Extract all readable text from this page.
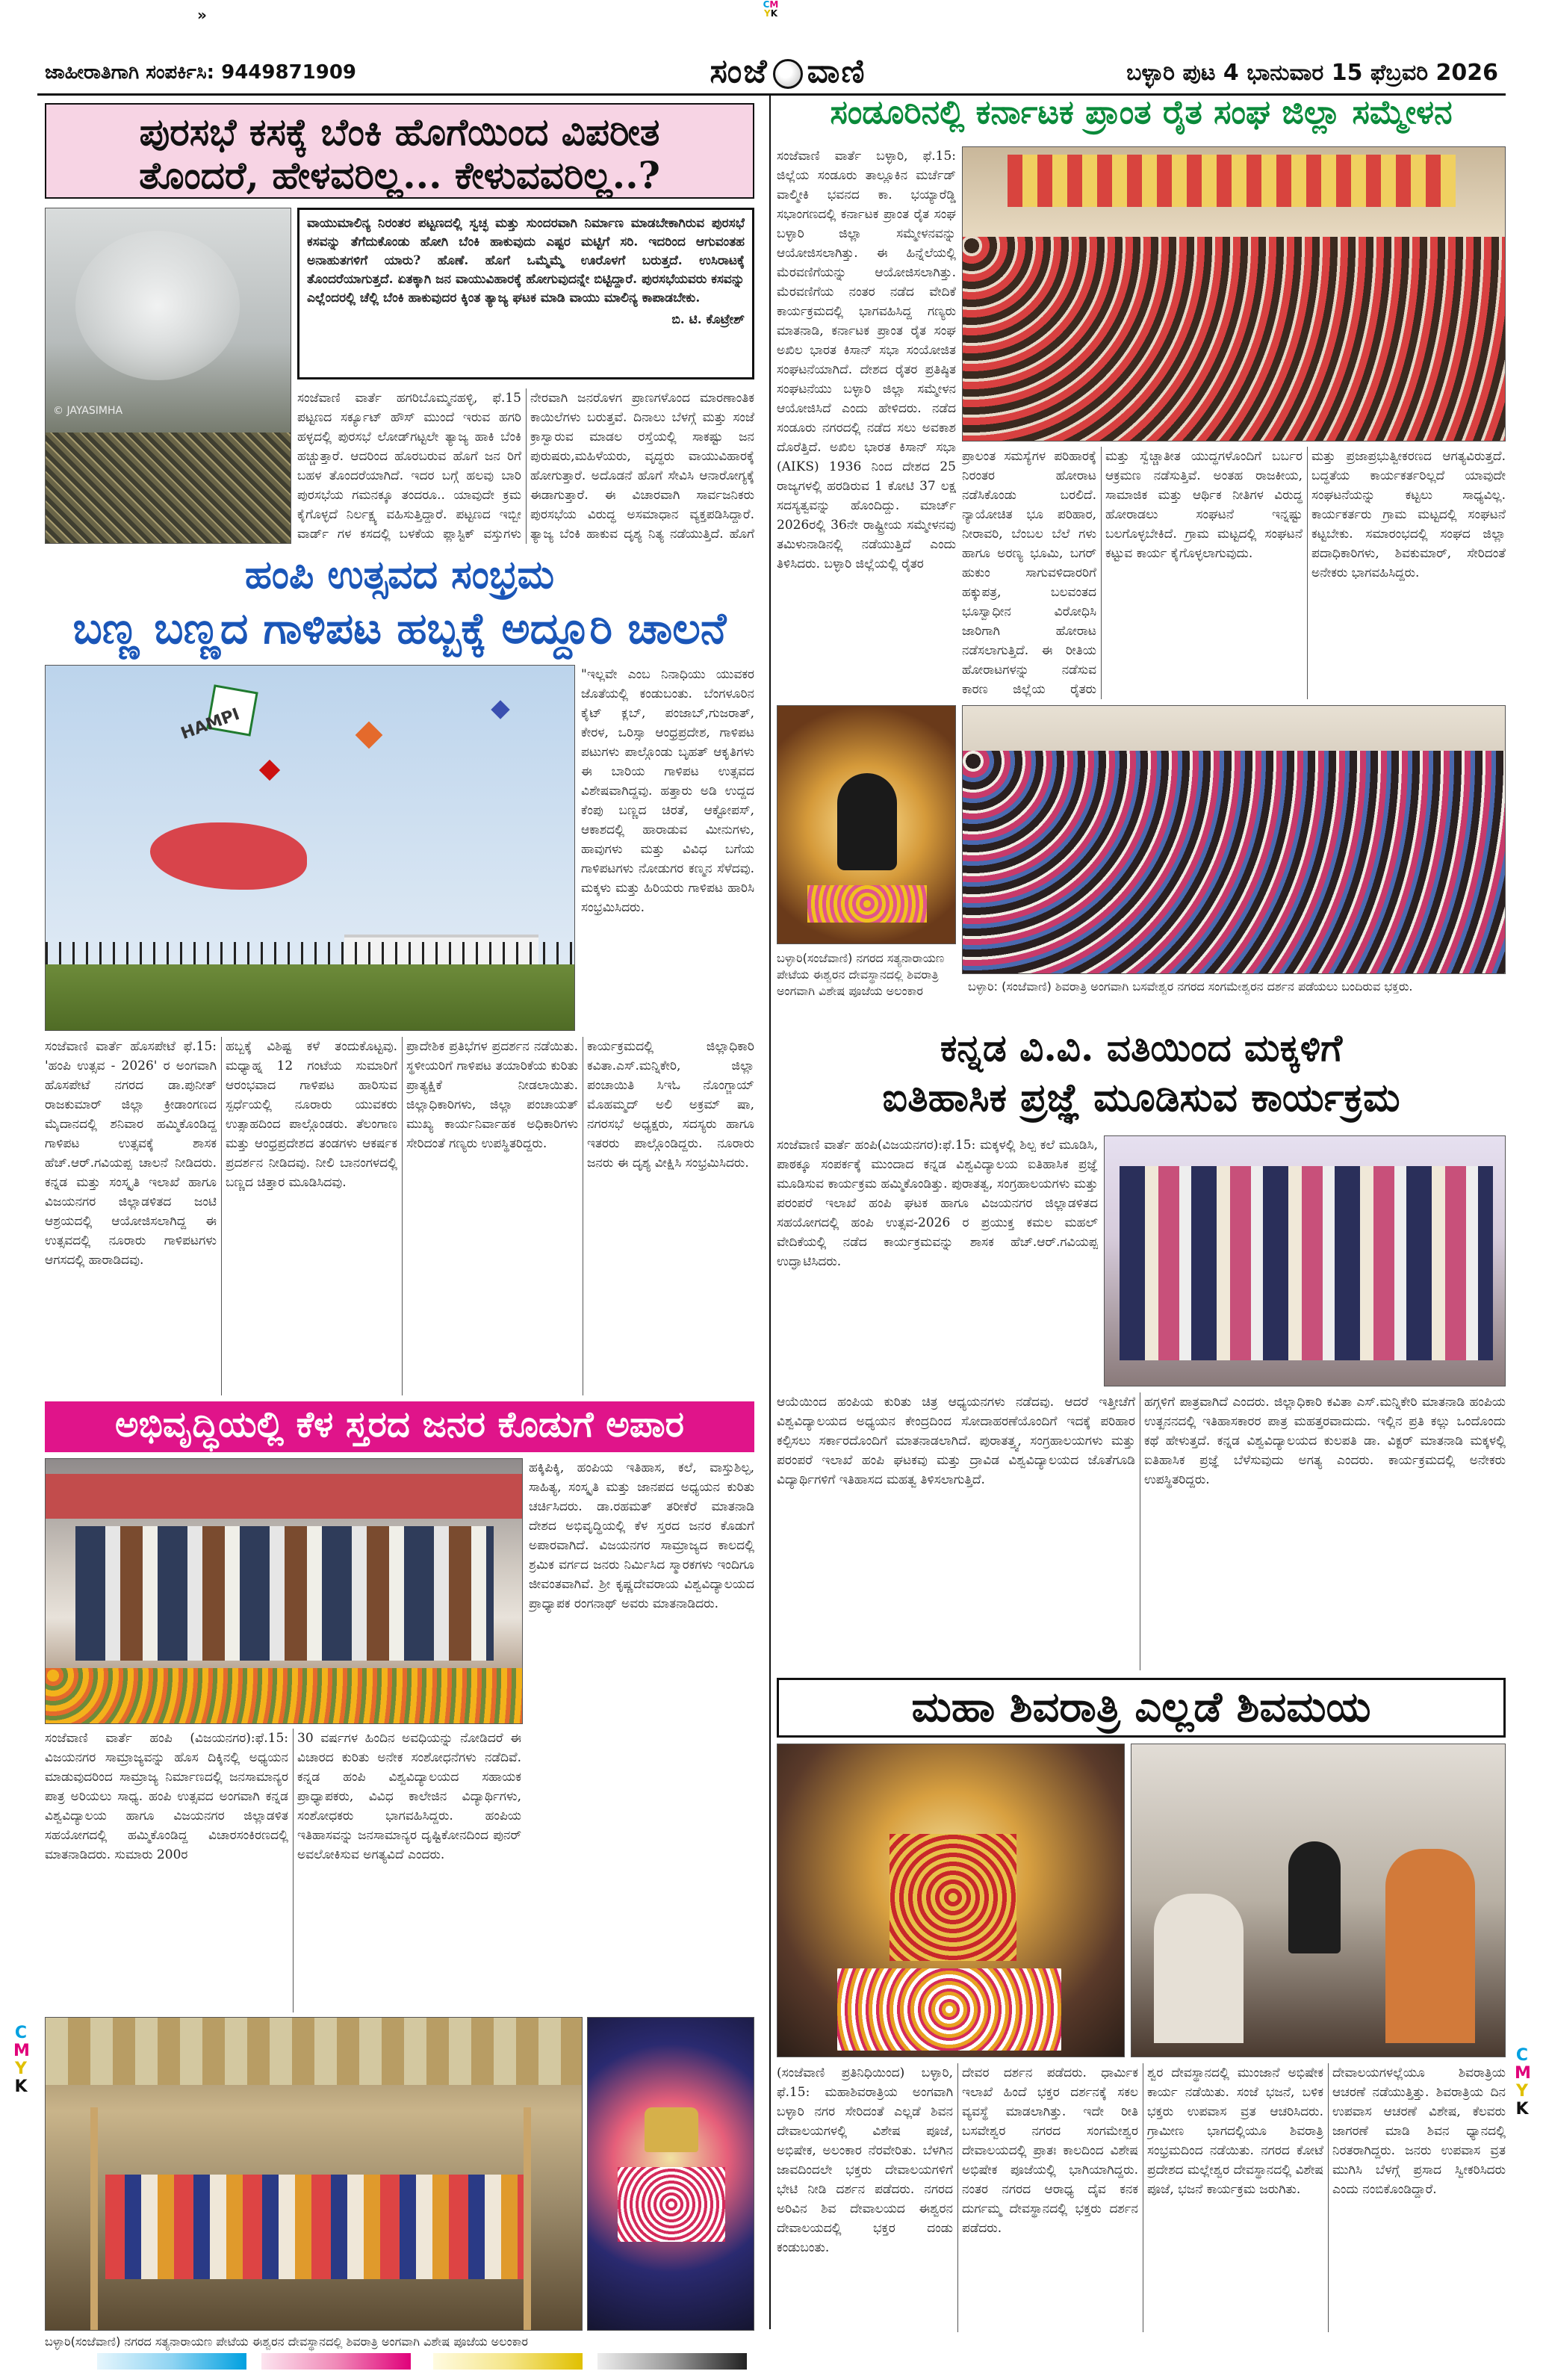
»
CM
YK
C
M
Y
K
C
M
Y
K
ಜಾಹೀರಾತಿಗಾಗಿ ಸಂಪರ್ಕಿಸಿ: 9449871909	ಸಂಜೆ ವಾಣಿ	ಬಳ್ಳಾರಿ ಪುಟ 4 ಭಾನುವಾರ 15 ಫೆಬ್ರವರಿ 2026
ಪುರಸಭೆ ಕಸಕ್ಕೆ ಬೆಂಕಿ ಹೊಗೆಯಿಂದ ವಿಪರೀತ
ತೊಂದರೆ, ಹೇಳವರಿಲ್ಲ... ಕೇಳುವವರಿಲ್ಲ..?
© JAYASIMHA
ವಾಯುಮಾಲಿನ್ಯ ನಿರಂತರ ಪಟ್ಟಣದಲ್ಲಿ ಸ್ವಚ್ಛ ಮತ್ತು ಸುಂದರವಾಗಿ ನಿರ್ಮಾಣ ಮಾಡಬೇಕಾಗಿರುವ ಪುರಸಭೆ ಕಸವನ್ನು ತೆಗೆದುಕೊಂಡು ಹೋಗಿ ಬೆಂಕಿ ಹಾಕುವುದು ಎಷ್ಟರ ಮಟ್ಟಿಗೆ ಸರಿ. ಇದರಿಂದ ಆಗುವಂತಹ ಅನಾಹುತಗಳಿಗೆ ಯಾರು? ಹೊಣೆ. ಹೊಗೆ ಒಮ್ಮೆಮ್ಮೆ ಊರೊಳಗೆ ಬರುತ್ತದೆ. ಉಸಿರಾಟಕ್ಕೆ ತೊಂದರೆಯಾಗುತ್ತದೆ. ಏತಕ್ಕಾಗಿ ಜನ ವಾಯುವಿಹಾರಕ್ಕೆ ಹೋಗುವುದನ್ನೇ ಬಿಟ್ಟಿದ್ದಾರೆ. ಪುರಸಭೆಯವರು ಕಸವನ್ನು ಎಲ್ಲೆಂದರಲ್ಲಿ ಚೆಲ್ಲಿ ಬೆಂಕಿ ಹಾಕುವುದರ ಕ್ಕಿಂತ ತ್ಯಾಜ್ಯ ಘಟಕ ಮಾಡಿ ವಾಯು ಮಾಲಿನ್ಯ ಕಾಪಾಡಬೇಕು.
ಬಿ. ಟಿ. ಕೊಟ್ರೇಶ್
ಸಂಜೆವಾಣಿ ವಾರ್ತೆ ಹಗರಿಬೊಮ್ಮನಹಳ್ಳಿ, ಫೆ.15 ಪಟ್ಟಣದ ಸರ್ಕ್ಯೂಟ್ ಹೌಸ್ ಮುಂದೆ ಇರುವ ಹಗರಿ ಹಳ್ಳದಲ್ಲಿ ಪುರಸಭೆ ಲೋಡ್‌ಗಟ್ಟಲೇ ತ್ಯಾಜ್ಯ ಹಾಕಿ ಬೆಂಕಿ ಹಚ್ಚುತ್ತಾರೆ. ಆದರಿಂದ ಹೊರಬರುವ ಹೊಗೆ ಜನ ರಿಗೆ ಬಹಳ ತೊಂದರೆಯಾಗಿದೆ. ಇದರ ಬಗ್ಗೆ ಹಲವು ಬಾರಿ ಪುರಸಭೆಯ ಗಮನಕ್ಕೂ ತಂದರೂ.. ಯಾವುದೇ ಕ್ರಮ ಕೈಗೊಳ್ಳದೆ ನಿರ್ಲಕ್ಷ್ಯ ವಹಿಸುತ್ತಿದ್ದಾರೆ. ಪಟ್ಟಣದ ಇಬ್ಬೀ ವಾರ್ಡ್ ಗಳ ಕಸದಲ್ಲಿ ಬಳಕೆಯ ಪ್ಲಾಸ್ಟಿಕ್ ವಸ್ತುಗಳು
ನೇರವಾಗಿ ಜನರೊಳಗ ಪ್ರಾಣಗಳೊಂದ ಮಾರಣಾಂತಿಕ ಕಾಯಿಲೆಗಳು ಬರುತ್ತವೆ. ದಿನಾಲು ಬೆಳಗ್ಗೆ ಮತ್ತು ಸಂಜೆ ಕ್ರಾಸ್ವಾರುವ ಮಾಡಲ ರಸ್ತೆಯಲ್ಲಿ ಸಾಕಷ್ಟು ಜನ ಪುರುಷರು,ಮಹಿಳೆಯರು, ವೃದ್ಧರು ವಾಯುವಿಹಾರಕ್ಕೆ ಹೋಗುತ್ತಾರೆ. ಅದೊಡನೆ ಹೊಗೆ ಸೇವಿಸಿ ಆನಾರೋಗ್ಯಕ್ಕೆ ಈಡಾಗುತ್ತಾರೆ. ಈ ವಿಚಾರವಾಗಿ ಸಾರ್ವಜನಿಕರು ಪುರಸಭೆಯ ವಿರುದ್ಧ ಅಸಮಾಧಾನ ವ್ಯಕ್ತಪಡಿಸಿದ್ದಾರೆ. ತ್ಯಾಜ್ಯ ಬೆಂಕಿ ಹಾಕುವ ದೃಶ್ಯ ನಿತ್ಯ ನಡೆಯುತ್ತಿದೆ. ಹೊಗೆ
ಹಂಪಿ ಉತ್ಸವದ ಸಂಭ್ರಮ
ಬಣ್ಣ ಬಣ್ಣದ ಗಾಳಿಪಟ ಹಬ್ಬಕ್ಕೆ ಅದ್ದೂರಿ ಚಾಲನೆ
HAMPI
"ಇಲ್ಲವೇ ಎಂಬ ನಿನಾಧಿಯು ಯುವಕರ ಜೊತೆಯಲ್ಲಿ ಕಂಡುಬಂತು. ಬೆಂಗಳೂರಿನ ಕೈಟ್ ಕ್ಲಬ್, ಪಂಜಾಬ್,ಗುಜರಾತ್, ಕೇರಳ, ಒರಿಸ್ಸಾ ಆಂಧ್ರಪ್ರದೇಶ, ಗಾಳಿಪಟ ಪಟುಗಳು ಪಾಲ್ಗೊಂಡು ಬೃಹತ್ ಆಕೃತಿಗಳು ಈ ಬಾರಿಯ ಗಾಳಿಪಟ ಉತ್ಸವದ ವಿಶೇಷವಾಗಿದ್ದವು. ಹತ್ತಾರು ಅಡಿ ಉದ್ದದ ಕೆಂಪು ಬಣ್ಣದ ಚಿರತೆ, ಆಕ್ಟೋಪಸ್, ಆಕಾಶದಲ್ಲಿ ಹಾರಾಡುವ ಮೀನುಗಳು, ಹಾವುಗಳು ಮತ್ತು ವಿವಿಧ ಬಗೆಯ ಗಾಳಿಪಟಗಳು ನೋಡುಗರ ಕಣ್ಮನ ಸೆಳೆದವು. ಮಕ್ಕಳು ಮತ್ತು ಹಿರಿಯರು ಗಾಳಿಪಟ ಹಾರಿಸಿ ಸಂಭ್ರಮಿಸಿದರು.
ಸಂಜೆವಾಣಿ ವಾರ್ತೆ ಹೊಸಪೇಟೆ ಫೆ.15: 'ಹಂಪಿ ಉತ್ಸವ - 2026' ರ ಅಂಗವಾಗಿ ಹೊಸಪೇಟೆ ನಗರದ ಡಾ.ಪುನೀತ್ ರಾಜಕುಮಾರ್ ಜಿಲ್ಲಾ ಕ್ರೀಡಾಂಗಣದ ಮೈದಾನದಲ್ಲಿ ಶನಿವಾರ ಹಮ್ಮಿಕೊಂಡಿದ್ದ ಗಾಳಿಪಟ ಉತ್ಸವಕ್ಕೆ ಶಾಸಕ ಹೆಚ್.ಆರ್.ಗವಿಯಪ್ಪ ಚಾಲನೆ ನೀಡಿದರು. ಕನ್ನಡ ಮತ್ತು ಸಂಸ್ಕೃತಿ ಇಲಾಖೆ ಹಾಗೂ ವಿಜಯನಗರ ಜಿಲ್ಲಾಡಳಿತದ ಜಂಟಿ ಆಶ್ರಯದಲ್ಲಿ ಆಯೋಜಿಸಲಾಗಿದ್ದ ಈ ಉತ್ಸವದಲ್ಲಿ ನೂರಾರು ಗಾಳಿಪಟಗಳು ಆಗಸದಲ್ಲಿ ಹಾರಾಡಿದವು.
ಹಬ್ಬಕ್ಕೆ ವಿಶಿಷ್ಟ ಕಳೆ ತಂದುಕೊಟ್ಟವು. ಮಧ್ಯಾಹ್ನ 12 ಗಂಟೆಯ ಸುಮಾರಿಗೆ ಆರಂಭವಾದ ಗಾಳಿಪಟ ಹಾರಿಸುವ ಸ್ಪರ್ಧೆಯಲ್ಲಿ ನೂರಾರು ಯುವಕರು ಉತ್ಸಾಹದಿಂದ ಪಾಲ್ಗೊಂಡರು. ತೆಲಂಗಾಣ ಮತ್ತು ಆಂಧ್ರಪ್ರದೇಶದ ತಂಡಗಳು ಆಕರ್ಷಕ ಪ್ರದರ್ಶನ ನೀಡಿದವು. ನೀಲಿ ಬಾನಂಗಳದಲ್ಲಿ ಬಣ್ಣದ ಚಿತ್ತಾರ ಮೂಡಿಸಿದವು.
ಪ್ರಾದೇಶಿಕ ಪ್ರತಿಭೆಗಳ ಪ್ರದರ್ಶನ ನಡೆಯಿತು. ಸ್ಥಳೀಯರಿಗೆ ಗಾಳಿಪಟ ತಯಾರಿಕೆಯ ಕುರಿತು ಪ್ರಾತ್ಯಕ್ಷಿಕೆ ನೀಡಲಾಯಿತು. ಜಿಲ್ಲಾಧಿಕಾರಿಗಳು, ಜಿಲ್ಲಾ ಪಂಚಾಯತ್ ಮುಖ್ಯ ಕಾರ್ಯನಿರ್ವಾಹಕ ಅಧಿಕಾರಿಗಳು ಸೇರಿದಂತೆ ಗಣ್ಯರು ಉಪಸ್ಥಿತರಿದ್ದರು.
ಕಾರ್ಯಕ್ರಮದಲ್ಲಿ ಜಿಲ್ಲಾಧಿಕಾರಿ ಕವಿತಾ.ಎಸ್.ಮನ್ನಿಕೇರಿ, ಜಿಲ್ಲಾ ಪಂಚಾಯಿತಿ ಸಿಇಓ ನೊಂಗ್ಜಾಯ್ ಮೊಹಮ್ಮದ್ ಅಲಿ ಅಕ್ರಮ್ ಷಾ, ನಗರಸಭೆ ಅಧ್ಯಕ್ಷರು, ಸದಸ್ಯರು ಹಾಗೂ ಇತರರು ಪಾಲ್ಗೊಂಡಿದ್ದರು. ನೂರಾರು ಜನರು ಈ ದೃಶ್ಯ ವೀಕ್ಷಿಸಿ ಸಂಭ್ರಮಿಸಿದರು.
ಅಭಿವೃದ್ಧಿಯಲ್ಲಿ ಕೆಳ ಸ್ತರದ ಜನರ ಕೊಡುಗೆ ಅಪಾರ
ಹಕ್ಕಿಪಿಕ್ಕಿ, ಹಂಪಿಯ ಇತಿಹಾಸ, ಕಲೆ, ವಾಸ್ತುಶಿಲ್ಪ, ಸಾಹಿತ್ಯ, ಸಂಸ್ಕೃತಿ ಮತ್ತು ಜಾನಪದ ಅಧ್ಯಯನ ಕುರಿತು ಚರ್ಚಿಸಿದರು. ಡಾ.ರಹಮತ್ ತರೀಕೆರೆ ಮಾತನಾಡಿ ದೇಶದ ಅಭಿವೃದ್ಧಿಯಲ್ಲಿ ಕೆಳ ಸ್ತರದ ಜನರ ಕೊಡುಗೆ ಅಪಾರವಾಗಿದೆ. ವಿಜಯನಗರ ಸಾಮ್ರಾಜ್ಯದ ಕಾಲದಲ್ಲಿ ಶ್ರಮಿಕ ವರ್ಗದ ಜನರು ನಿರ್ಮಿಸಿದ ಸ್ಮಾರಕಗಳು ಇಂದಿಗೂ ಜೀವಂತವಾಗಿವೆ. ಶ್ರೀ ಕೃಷ್ಣದೇವರಾಯ ವಿಶ್ವವಿದ್ಯಾಲಯದ ಪ್ರಾಧ್ಯಾಪಕ ರಂಗನಾಥ್ ಅವರು ಮಾತನಾಡಿದರು.
ಸಂಜೆವಾಣಿ ವಾರ್ತೆ ಹಂಪಿ (ವಿಜಯನಗರ):ಫೆ.15: ವಿಜಯನಗರ ಸಾಮ್ರಾಜ್ಯವನ್ನು ಹೊಸ ದಿಕ್ಕಿನಲ್ಲಿ ಅಧ್ಯಯನ ಮಾಡುವುದರಿಂದ ಸಾಮ್ರಾಜ್ಯ ನಿರ್ಮಾಣದಲ್ಲಿ ಜನಸಾಮಾನ್ಯರ ಪಾತ್ರ ಅರಿಯಲು ಸಾಧ್ಯ. ಹಂಪಿ ಉತ್ಸವದ ಅಂಗವಾಗಿ ಕನ್ನಡ ವಿಶ್ವವಿದ್ಯಾಲಯ ಹಾಗೂ ವಿಜಯನಗರ ಜಿಲ್ಲಾಡಳಿತ ಸಹಯೋಗದಲ್ಲಿ ಹಮ್ಮಿಕೊಂಡಿದ್ದ ವಿಚಾರಸಂಕಿರಣದಲ್ಲಿ ಮಾತನಾಡಿದರು. ಸುಮಾರು 200ರ
30 ವರ್ಷಗಳ ಹಿಂದಿನ ಅವಧಿಯನ್ನು ನೋಡಿದರೆ ಈ ವಿಚಾರದ ಕುರಿತು ಅನೇಕ ಸಂಶೋಧನೆಗಳು ನಡೆದಿವೆ. ಕನ್ನಡ ಹಂಪಿ ವಿಶ್ವವಿದ್ಯಾಲಯದ ಸಹಾಯಕ ಪ್ರಾಧ್ಯಾಪಕರು, ವಿವಿಧ ಕಾಲೇಜಿನ ವಿದ್ಯಾರ್ಥಿಗಳು, ಸಂಶೋಧಕರು ಭಾಗವಹಿಸಿದ್ದರು. ಹಂಪಿಯ ಇತಿಹಾಸವನ್ನು ಜನಸಾಮಾನ್ಯರ ದೃಷ್ಟಿಕೋನದಿಂದ ಪುನರ್ ಅವಲೋಕಿಸುವ ಅಗತ್ಯವಿದೆ ಎಂದರು.
ಬಳ್ಳಾರಿ(ಸಂಜೆವಾಣಿ) ನಗರದ ಸತ್ಯನಾರಾಯಣ ಪೇಟೆಯ ಈಶ್ವರನ ದೇವಸ್ಥಾನದಲ್ಲಿ ಶಿವರಾತ್ರಿ ಅಂಗವಾಗಿ ವಿಶೇಷ ಪೂಜೆಯ ಅಲಂಕಾರ
ಸಂಡೂರಿನಲ್ಲಿ ಕರ್ನಾಟಕ ಪ್ರಾಂತ ರೈತ ಸಂಘ ಜಿಲ್ಲಾ ಸಮ್ಮೇಳನ
ಸಂಜೆವಾಣಿ ವಾರ್ತೆ ಬಳ್ಳಾರಿ, ಫೆ.15: ಜಿಲ್ಲೆಯ ಸಂಡೂರು ತಾಲ್ಲೂಕಿನ ಮರ್ಚೆಡ್ ವಾಲ್ಮೀಕಿ ಭವನದ ಕಾ. ಭಯ್ಯಾರೆಡ್ಡಿ ಸಭಾಂಗಣದಲ್ಲಿ ಕರ್ನಾಟಕ ಪ್ರಾಂತ ರೈತ ಸಂಘ ಬಳ್ಳಾರಿ ಜಿಲ್ಲಾ ಸಮ್ಮೇಳನವನ್ನು ಆಯೋಜಿಸಲಾಗಿತ್ತು. ಈ ಹಿನ್ನೆಲೆಯಲ್ಲಿ ಮೆರವಣಿಗೆಯನ್ನು ಆಯೋಜಿಸಲಾಗಿತ್ತು. ಮೆರವಣಿಗೆಯ ನಂತರ ನಡೆದ ವೇದಿಕೆ ಕಾರ್ಯಕ್ರಮದಲ್ಲಿ ಭಾಗವಹಿಸಿದ್ದ ಗಣ್ಯರು ಮಾತನಾಡಿ, ಕರ್ನಾಟಕ ಪ್ರಾಂತ ರೈತ ಸಂಘ ಅಖಿಲ ಭಾರತ ಕಿಸಾನ್ ಸಭಾ ಸಂಯೋಜಿತ ಸಂಘಟನೆಯಾಗಿದೆ. ದೇಶದ ರೈತರ ಪ್ರತಿಷ್ಠಿತ ಸಂಘಟನೆಯು ಬಳ್ಳಾರಿ ಜಿಲ್ಲಾ ಸಮ್ಮೇಳನ ಆಯೋಜಿಸಿದೆ ಎಂದು ಹೇಳಿದರು. ನಡೆದ ಸಂಡೂರು ನಗರದಲ್ಲಿ ನಡೆದ ಸಲು ಅವಕಾಶ ದೊರೆತ್ತಿದೆ. ಅಖಿಲ ಭಾರತ ಕಿಸಾನ್ ಸಭಾ (AIKS) 1936 ನಿಂದ ದೇಶದ 25 ರಾಜ್ಯಗಳಲ್ಲಿ ಹರಡಿರುವ 1 ಕೋಟಿ 37 ಲಕ್ಷ ಸದಸ್ಯತ್ವವನ್ನು ಹೊಂದಿದ್ದು. ಮಾರ್ಚ್ 2026ರಲ್ಲಿ 36ನೇ ರಾಷ್ಟ್ರೀಯ ಸಮ್ಮೇಳನವು ತಮಿಳುನಾಡಿನಲ್ಲಿ ನಡೆಯುತ್ತಿದೆ ಎಂದು ತಿಳಿಸಿದರು. ಬಳ್ಳಾರಿ ಜಿಲ್ಲೆಯಲ್ಲಿ ರೈತರ
ಪ್ರಾಲಂತ ಸಮಸ್ಯೆಗಳ ಪರಿಹಾರಕ್ಕೆ ನಿರಂತರ ಹೋರಾಟ ನಡೆಸಿಕೊಂಡು ಬರಲಿದೆ. ನ್ಯಾಯೋಚಿತ ಭೂ ಪರಿಹಾರ, ನೀರಾವರಿ, ಬೆಂಬಲ ಬೆಲೆ ಗಳು ಹಾಗೂ ಅರಣ್ಯ ಭೂಮಿ, ಬಗರ್ ಹುಕುಂ ಸಾಗುವಳಿದಾರರಿಗೆ ಹಕ್ಕುಪತ್ರ, ಬಲವಂತದ ಭೂಸ್ವಾಧೀನ ವಿರೋಧಿಸಿ ಜಾರಿಗಾಗಿ ಹೋರಾಟ ನಡೆಸಲಾಗುತ್ತಿದೆ. ಈ ರೀತಿಯ ಹೋರಾಟಗಳನ್ನು ನಡೆಸುವ ಕಾರಣ ಜಿಲ್ಲೆಯ ರೈತರು
ಮತ್ತು ಸ್ವೆಚ್ಚಾತೀತ ಯುದ್ಧಗಳೊಂದಿಗೆ ಬರ್ಬರ ಆಕ್ರಮಣ ನಡೆಸುತ್ತಿವೆ. ಅಂತಹ ರಾಜಕೀಯ, ಸಾಮಾಜಿಕ ಮತ್ತು ಆರ್ಥಿಕ ನೀತಿಗಳ ವಿರುದ್ಧ ಹೋರಾಡಲು ಸಂಘಟನೆ ಇನ್ನಷ್ಟು ಬಲಗೊಳ್ಳಬೇಕಿದೆ. ಗ್ರಾಮ ಮಟ್ಟದಲ್ಲಿ ಸಂಘಟನೆ ಕಟ್ಟುವ ಕಾರ್ಯ ಕೈಗೊಳ್ಳಲಾಗುವುದು.
ಮತ್ತು ಪ್ರಜಾಪ್ರಭುತ್ವೀಕರಣದ ಆಗತ್ಯವಿರುತ್ತದೆ. ಬದ್ಧತೆಯ ಕಾರ್ಯಕರ್ತರಿಲ್ಲದೆ ಯಾವುದೇ ಸಂಘಟನೆಯನ್ನು ಕಟ್ಟಲು ಸಾಧ್ಯವಿಲ್ಲ. ಕಾರ್ಯಕರ್ತರು ಗ್ರಾಮ ಮಟ್ಟದಲ್ಲಿ ಸಂಘಟನೆ ಕಟ್ಟಬೇಕು. ಸಮಾರಂಭದಲ್ಲಿ ಸಂಘದ ಜಿಲ್ಲಾ ಪದಾಧಿಕಾರಿಗಳು, ಶಿವಕುಮಾರ್, ಸೇರಿದಂತೆ ಅನೇಕರು ಭಾಗವಹಿಸಿದ್ದರು.
ಬಳ್ಳಾರಿ(ಸಂಜೆವಾಣಿ) ನಗರದ ಸತ್ಯನಾರಾಯಣ ಪೇಟೆಯ ಈಶ್ವರನ ದೇವಸ್ಥಾನದಲ್ಲಿ ಶಿವರಾತ್ರಿ ಅಂಗವಾಗಿ ವಿಶೇಷ ಪೂಜೆಯ ಅಲಂಕಾರ	ಬಳ್ಳಾರಿ: (ಸಂಜೆವಾಣಿ) ಶಿವರಾತ್ರಿ ಅಂಗವಾಗಿ ಬಸವೇಶ್ವರ ನಗರದ ಸಂಗಮೇಶ್ವರನ ದರ್ಶನ ಪಡೆಯಲು ಬಂದಿರುವ ಭಕ್ತರು.
ಕನ್ನಡ ವಿ.ವಿ. ವತಿಯಿಂದ ಮಕ್ಕಳಿಗೆ
ಐತಿಹಾಸಿಕ ಪ್ರಜ್ಞೆ ಮೂಡಿಸುವ ಕಾರ್ಯಕ್ರಮ
ಸಂಜೆವಾಣಿ ವಾರ್ತೆ ಹಂಪಿ(ವಿಜಯನಗರ):ಫೆ.15: ಮಕ್ಕಳಲ್ಲಿ ಶಿಲ್ಪ ಕಲೆ ಮೂಡಿಸಿ, ಪಾಠಕ್ಕೂ ಸಂಪರ್ಕಕ್ಕೆ ಮುಂದಾದ ಕನ್ನಡ ವಿಶ್ವವಿದ್ಯಾಲಯ ಐತಿಹಾಸಿಕ ಪ್ರಜ್ಞೆ ಮೂಡಿಸುವ ಕಾರ್ಯಕ್ರಮ ಹಮ್ಮಿಕೊಂಡಿತ್ತು. ಪುರಾತತ್ವ, ಸಂಗ್ರಹಾಲಯಗಳು ಮತ್ತು ಪರಂಪರೆ ಇಲಾಖೆ ಹಂಪಿ ಘಟಕ ಹಾಗೂ ವಿಜಯನಗರ ಜಿಲ್ಲಾಡಳಿತದ ಸಹಯೋಗದಲ್ಲಿ ಹಂಪಿ ಉತ್ಸವ-2026 ರ ಪ್ರಯುಕ್ತ ಕಮಲ ಮಹಲ್ ವೇದಿಕೆಯಲ್ಲಿ ನಡೆದ ಕಾರ್ಯಕ್ರಮವನ್ನು ಶಾಸಕ ಹೆಚ್.ಆರ್.ಗವಿಯಪ್ಪ ಉದ್ಘಾಟಿಸಿದರು.
ಆಯೆಯಿಂದ ಹಂಪಿಯ ಕುರಿತು ಚಿತ್ರ ಆಧ್ಯಯನಗಳು ನಡೆದವು. ಆದರೆ ಇತ್ತೀಚೆಗೆ ವಿಶ್ವವಿದ್ಯಾಲಯದ ಅಧ್ಯಯನ ಕೇಂದ್ರದಿಂದ ಸೋದಾಹರಣೆಯೊಂದಿಗೆ ಇದಕ್ಕೆ ಪರಿಹಾರ ಕಲ್ಪಿಸಲು ಸರ್ಕಾರದೊಂದಿಗೆ ಮಾತನಾಡಲಾಗಿದೆ. ಪುರಾತತ್ತ್ವ, ಸಂಗ್ರಹಾಲಯಗಳು ಮತ್ತು ಪರಂಪರೆ ಇಲಾಖೆ ಹಂಪಿ ಘಟಕವು ಮತ್ತು ದ್ರಾವಿಡ ವಿಶ್ವವಿದ್ಯಾಲಯದ ಜೊತೆಗೂಡಿ ವಿದ್ಯಾರ್ಥಿಗಳಿಗೆ ಇತಿಹಾಸದ ಮಹತ್ವ ತಿಳಿಸಲಾಗುತ್ತಿದೆ.
ಹಗ್ಗಳಿಗೆ ಪಾತ್ರವಾಗಿದೆ ಎಂದರು. ಜಿಲ್ಲಾಧಿಕಾರಿ ಕವಿತಾ ಎಸ್.ಮನ್ನಿಕೇರಿ ಮಾತನಾಡಿ ಹಂಪಿಯ ಉತ್ಖನನದಲ್ಲಿ ಇತಿಹಾಸಕಾರರ ಪಾತ್ರ ಮಹತ್ತರವಾದುದು. ಇಲ್ಲಿನ ಪ್ರತಿ ಕಲ್ಲು ಒಂದೊಂದು ಕಥೆ ಹೇಳುತ್ತದೆ. ಕನ್ನಡ ವಿಶ್ವವಿದ್ಯಾಲಯದ ಕುಲಪತಿ ಡಾ. ವಿಕ್ಟರ್ ಮಾತನಾಡಿ ಮಕ್ಕಳಲ್ಲಿ ಐತಿಹಾಸಿಕ ಪ್ರಜ್ಞೆ ಬೆಳೆಸುವುದು ಅಗತ್ಯ ಎಂದರು. ಕಾರ್ಯಕ್ರಮದಲ್ಲಿ ಅನೇಕರು ಉಪಸ್ಥಿತರಿದ್ದರು.
ಮಹಾ ಶಿವರಾತ್ರಿ ಎಲ್ಲಡೆ ಶಿವಮಯ
(ಸಂಜೆವಾಣಿ ಪ್ರತಿನಿಧಿಯಿಂದ) ಬಳ್ಳಾರಿ, ಫೆ.15: ಮಹಾಶಿವರಾತ್ರಿಯ ಅಂಗವಾಗಿ ಬಳ್ಳಾರಿ ನಗರ ಸೇರಿದಂತೆ ಎಲ್ಲಡೆ ಶಿವನ ದೇವಾಲಯಗಳಲ್ಲಿ ವಿಶೇಷ ಪೂಜೆ, ಅಭಿಷೇಕ, ಅಲಂಕಾರ ನೆರವೇರಿತು. ಬೆಳಗಿನ ಜಾವದಿಂದಲೇ ಭಕ್ತರು ದೇವಾಲಯಗಳಿಗೆ ಭೇಟಿ ನೀಡಿ ದರ್ಶನ ಪಡೆದರು. ನಗರದ ಅರಿವಿನ ಶಿವ ದೇವಾಲಯದ ಈಶ್ವರನ ದೇವಾಲಯದಲ್ಲಿ ಭಕ್ತರ ದಂಡು ಕಂಡುಬಂತು.
ದೇವರ ದರ್ಶನ ಪಡೆದರು. ಧಾರ್ಮಿಕ ಇಲಾಖೆ ಹಿಂದೆ ಭಕ್ತರ ದರ್ಶನಕ್ಕೆ ಸಕಲ ವ್ಯವಸ್ಥೆ ಮಾಡಲಾಗಿತ್ತು. ಇದೇ ರೀತಿ ಬಸವೇಶ್ವರ ನಗರದ ಸಂಗಮೇಶ್ವರ ದೇವಾಲಯದಲ್ಲಿ ಪ್ರಾತಃ ಕಾಲದಿಂದ ವಿಶೇಷ ಅಭಿಷೇಕ ಪೂಜೆಯಲ್ಲಿ ಭಾಗಿಯಾಗಿದ್ದರು. ನಂತರ ನಗರದ ಆರಾಧ್ಯ ದೈವ ಕನಕ ದುರ್ಗಮ್ಮ ದೇವಸ್ಥಾನದಲ್ಲಿ ಭಕ್ತರು ದರ್ಶನ ಪಡೆದರು.
ಶ್ವರ ದೇವಸ್ಥಾನದಲ್ಲಿ ಮುಂಜಾನೆ ಅಭಿಷೇಕ ಕಾರ್ಯ ನಡೆಯಿತು. ಸಂಜೆ ಭಜನೆ, ಬಳಿಕ ಭಕ್ತರು ಉಪವಾಸ ವ್ರತ ಆಚರಿಸಿದರು. ಗ್ರಾಮೀಣ ಭಾಗದಲ್ಲಿಯೂ ಶಿವರಾತ್ರಿ ಸಂಭ್ರಮದಿಂದ ನಡೆಯಿತು. ನಗರದ ಕೋಟೆ ಪ್ರದೇಶದ ಮಲ್ಲೇಶ್ವರ ದೇವಸ್ಥಾನದಲ್ಲಿ ವಿಶೇಷ ಪೂಜೆ, ಭಜನೆ ಕಾರ್ಯಕ್ರಮ ಜರುಗಿತು.
ದೇವಾಲಯಗಳಲ್ಲೆಯೂ ಶಿವರಾತ್ರಿಯ ಆಚರಣೆ ನಡೆಯುತ್ತಿತ್ತು. ಶಿವರಾತ್ರಿಯ ದಿನ ಉಪವಾಸ ಆಚರಣೆ ವಿಶೇಷ, ಕೆಲವರು ಜಾಗರಣೆ ಮಾಡಿ ಶಿವನ ಧ್ಯಾನದಲ್ಲಿ ನಿರತರಾಗಿದ್ದರು. ಜನರು ಉಪವಾಸ ವ್ರತ ಮುಗಿಸಿ ಬೆಳಗ್ಗೆ ಪ್ರಸಾದ ಸ್ವೀಕರಿಸಿದರು ಎಂದು ನಂಬಿಕೊಂಡಿದ್ದಾರೆ.
